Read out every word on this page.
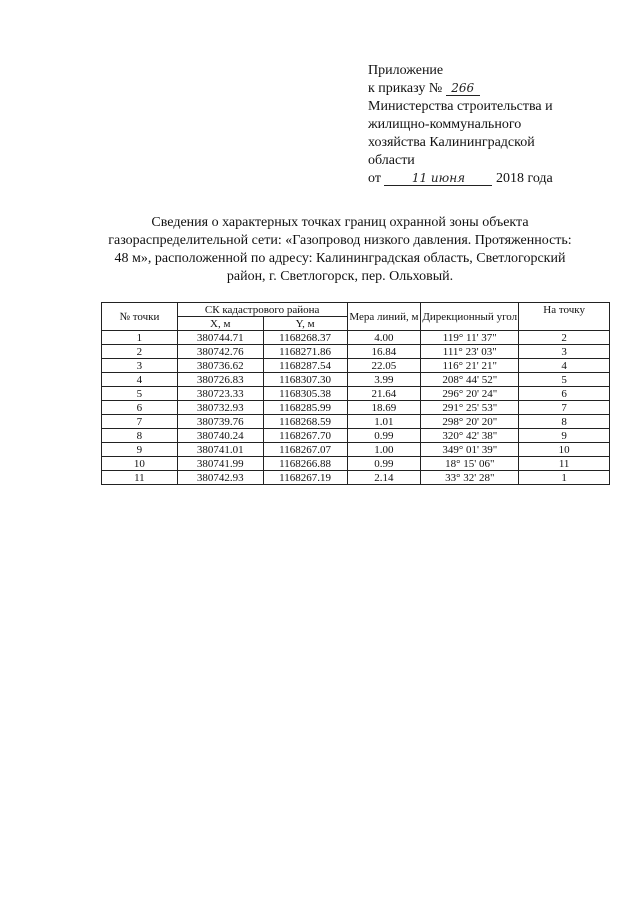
Приложение
к приказу № 266
Министерства строительства и
жилищно-коммунального
хозяйства Калининградской
области
от	11 июня 2018 года
Сведения о характерных точках границ охранной зоны объекта
газораспределительной сети: «Газопровод низкого давления. Протяженность:
48 м», расположенной по адресу: Калининградская область, Светлогорский
район, г. Светлогорск, пер. Ольховый.
№ точки	СК кадастрового района		Мера линий, м	Дирекционный угол	На точку
	X, м	Y, м			
1	380744.71	1168268.37	4.00	119° 11' 37"	2
2	380742.76	1168271.86	16.84	111° 23' 03"	3
3	380736.62	1168287.54	22.05	116° 21' 21"	4
4	380726.83	1168307.30	3.99	208° 44' 52"	5
5	380723.33	1168305.38	21.64	296° 20' 24"	6
6	380732.93	1168285.99	18.69	291° 25' 53"	7
7	380739.76	1168268.59	1.01	298° 20' 20"	8
8	380740.24	1168267.70	0.99	320° 42' 38"	9
9	380741.01	1168267.07	1.00	349° 01' 39"	10
10	380741.99	1168266.88	0.99	18° 15' 06"	11
11	380742.93	1168267.19	2.14	33° 32' 28"	1
